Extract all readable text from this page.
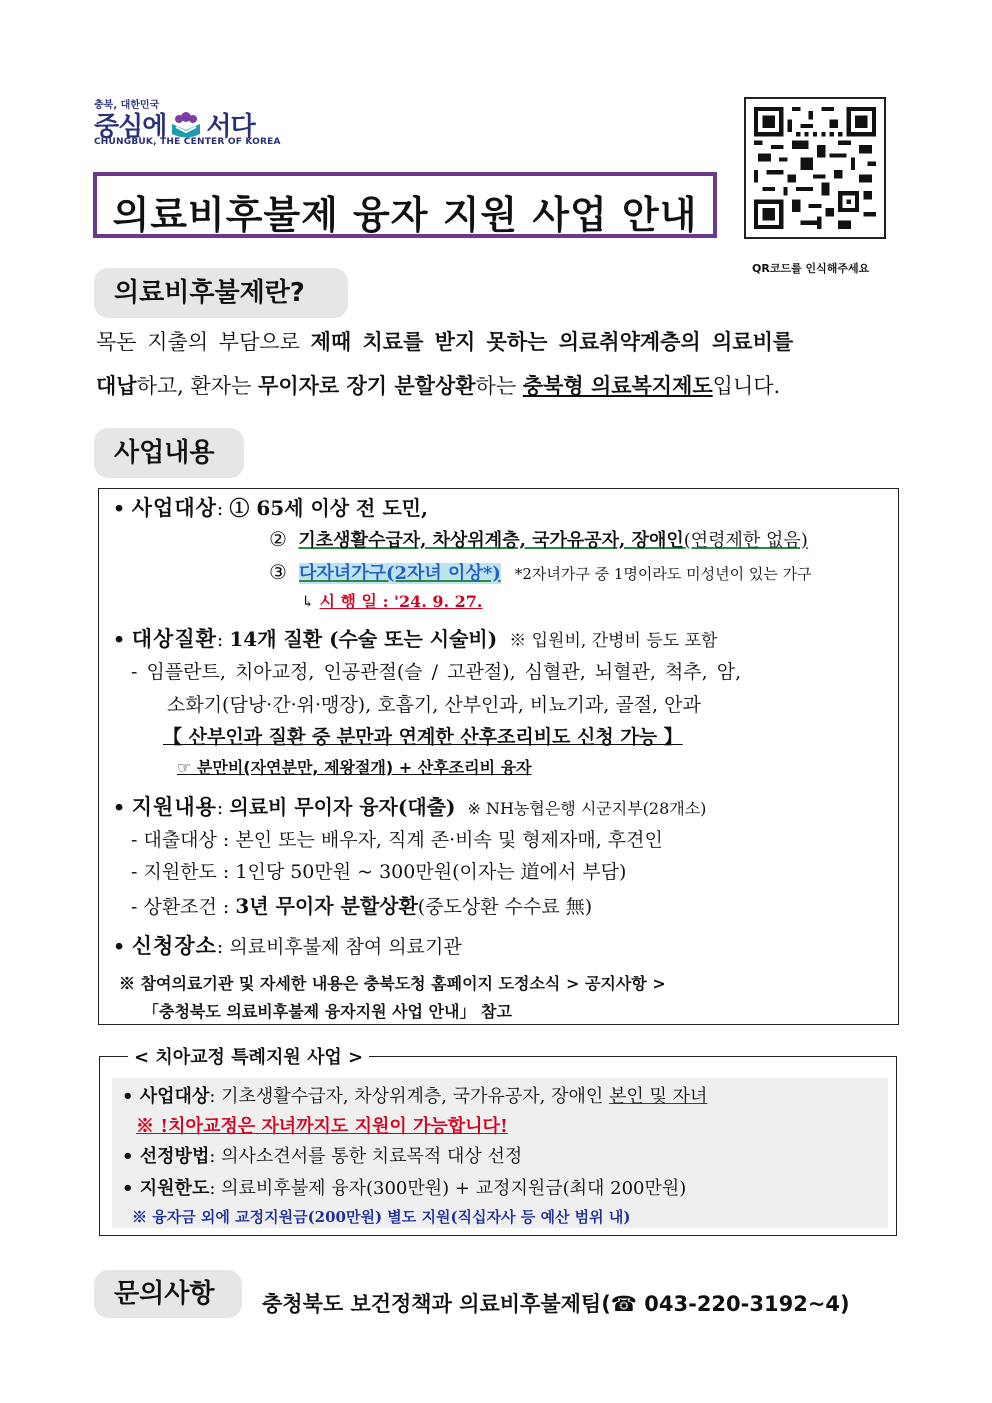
충북, 대한민국
중심에 서다
CHUNGBUK, THE CENTER OF KOREA
의료비후불제 융자 지원 사업 안내
QR코드를 인식해주세요
의료비후불제란?
목돈 지출의 부담으로 제때 치료를 받지 못하는 의료취약계층의 의료비를
대납하고, 환자는 무이자로 장기 분할상환하는 충북형 의료복지제도입니다.
사업내용
• 사업대상: ① 65세 이상 전 도민,
② 기초생활수급자, 차상위계층, 국가유공자, 장애인(연령제한 없음)
③ 다자녀가구(2자녀 이상*) *2자녀가구 중 1명이라도 미성년이 있는 가구
↳ 시 행 일 : '24. 9. 27.
• 대상질환: 14개 질환 (수술 또는 시술비) ※ 입원비, 간병비 등도 포함
- 임플란트, 치아교정, 인공관절(슬 / 고관절), 심혈관, 뇌혈관, 척추, 암,
소화기(담낭·간·위·맹장), 호흡기, 산부인과, 비뇨기과, 골절, 안과
【 산부인과 질환 중 분만과 연계한 산후조리비도 신청 가능 】
☞ 분만비(자연분만, 제왕절개) + 산후조리비 융자
• 지원내용: 의료비 무이자 융자(대출) ※ NH농협은행 시군지부(28개소)
- 대출대상 : 본인 또는 배우자, 직계 존·비속 및 형제자매, 후견인
- 지원한도 : 1인당 50만원 ~ 300만원(이자는 道에서 부담)
- 상환조건 : 3년 무이자 분할상환(중도상환 수수료 無)
• 신청장소: 의료비후불제 참여 의료기관
※ 참여의료기관 및 자세한 내용은 충북도청 홈페이지 도정소식 > 공지사항 >
「충청북도 의료비후불제 융자지원 사업 안내」 참고
• 사업대상: 기초생활수급자, 차상위계층, 국가유공자, 장애인 본인 및 자녀
※ !치아교정은 자녀까지도 지원이 가능합니다!
• 선정방법: 의사소견서를 통한 치료목적 대상 선정
• 지원한도: 의료비후불제 융자(300만원) + 교정지원금(최대 200만원)
※ 융자금 외에 교정지원금(200만원) 별도 지원(직십자사 등 예산 범위 내)
< 치아교정 특례지원 사업 >
문의사항	충청북도 보건정책과 의료비후불제팀(☎ 043-220-3192~4)
